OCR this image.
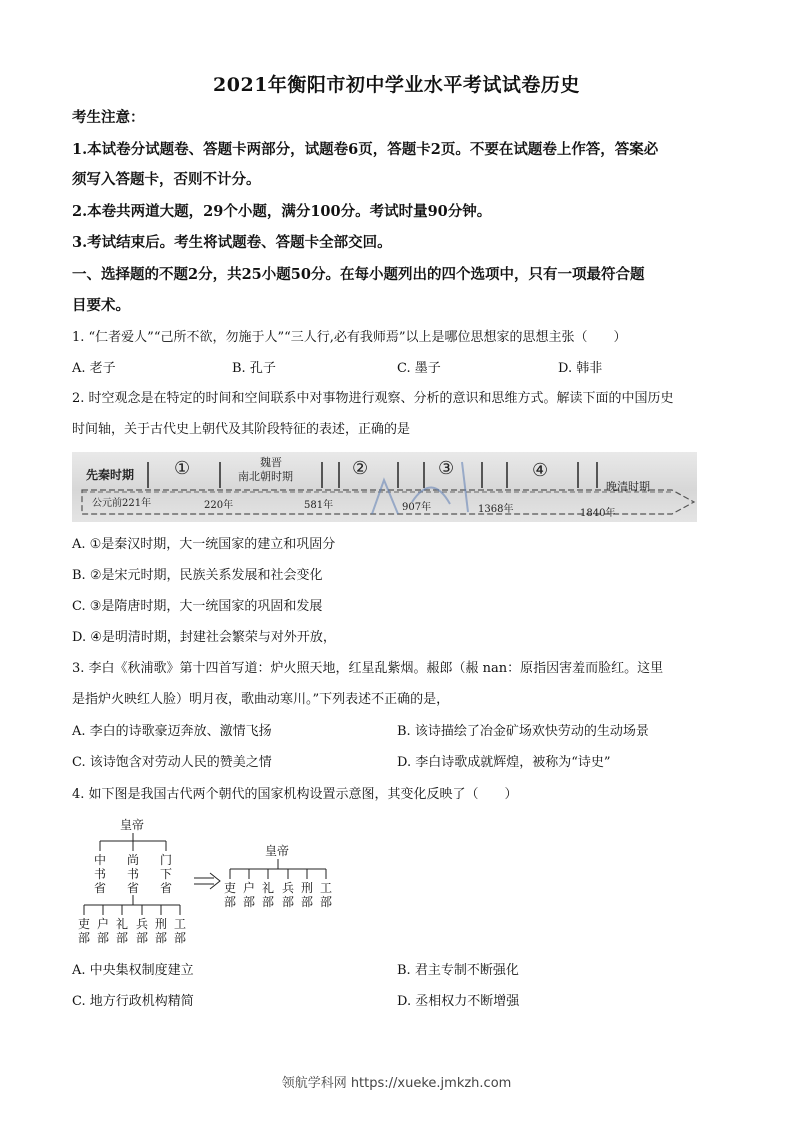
2021年衡阳市初中学业水平考试试卷历史
考生注意：
1.本试卷分试题卷、答题卡两部分，试题卷6页，答题卡2页。不要在试题卷上作答，答案必
须写入答题卡，否则不计分。
2.本卷共两道大题，29个小题，满分100分。考试时量90分钟。
3.考试结束后。考生将试题卷、答题卡全部交回。
一、选择题的不题2分，共25小题50分。在每小题列出的四个选项中，只有一项最符合题
目要术。
1. “仁者爱人”“己所不欲，勿施于人”“三人行,必有我师焉”以上是哪位思想家的思想主张（　　）
A. 老子	B. 孔子	C. 墨子	D. 韩非
2. 时空观念是在特定的时间和空间联系中对事物进行观察、分析的意识和思维方式。解读下面的中国历史
时间轴，关于古代史上朝代及其阶段特征的表述，正确的是
先秦时期 ①	魏晋
南北朝时期	②	③	④
晚清时期
公元前221年	220年	581年	907年	1368年	1840年
A. ①是秦汉时期，大一统国家的建立和巩固分
B. ②是宋元时期，民族关系发展和社会变化
C. ③是隋唐时期，大一统国家的巩固和发展
D. ④是明清时期，封建社会繁荣与对外开放，
3. 李白《秋浦歌》第十四首写道：炉火照天地，红星乱紫烟。赧郎（赧 nan：原指因害羞而脸红。这里
是指炉火映红人脸）明月夜，歌曲动寒川。”下列表述不正确的是，
A. 李白的诗歌豪迈奔放、激情飞扬	B. 该诗描绘了冶金矿场欢快劳动的生动场景
C. 该诗饱含对劳动人民的赞美之情	D. 李白诗歌成就辉煌，被称为“诗史”
4. 如下图是我国古代两个朝代的国家机构设置示意图，其变化反映了（　　）
皇帝
中书省
尚书省
门下省
吏部
户部
礼部
兵部
刑部
工部
皇帝
吏部
户部
礼部
兵部
刑部
工部
A. 中央集权制度建立	B. 君主专制不断强化
C. 地方行政机构精简	D. 丞相权力不断增强
领航学科网 https://xueke.jmkzh.com
